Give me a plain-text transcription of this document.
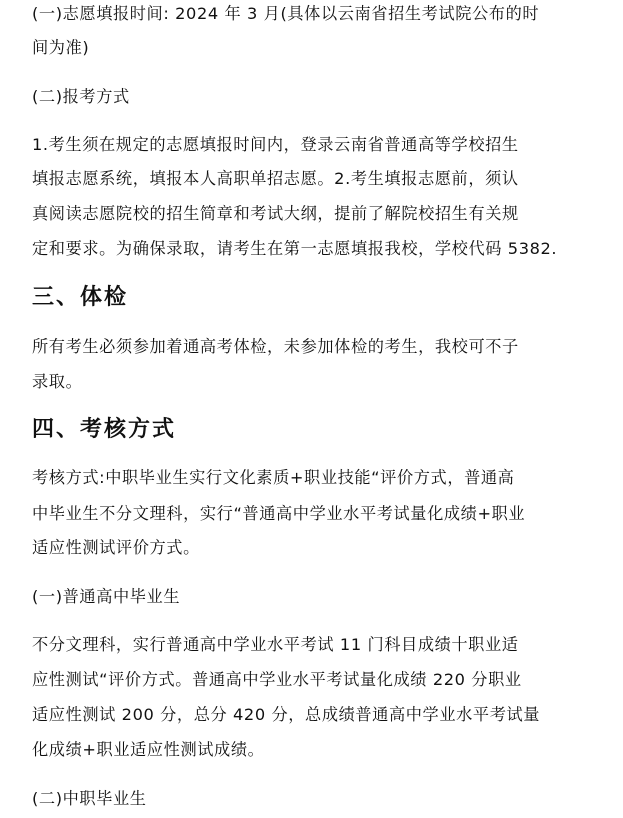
(一)志愿填报时间: 2024 年 3 月(具体以云南省招生考试院公布的时

间为准)

(二)报考方式

1.考生须在规定的志愿填报时间内，登录云南省普通高等学校招生

填报志愿系统，填报本人高职单招志愿。2.考生填报志愿前，须认

真阅读志愿院校的招生简章和考试大纲，提前了解院校招生有关规

定和要求。为确保录取，请考生在第一志愿填报我校，学校代码 5382.

三、体检

所有考生必须参加着通高考体检，未参加体检的考生，我校可不子

录取。

四、考核方式

考核方式:中职毕业生实行文化素质+职业技能“评价方式，普通高

中毕业生不分文理科，实行“普通高中学业水平考试量化成绩+职业

适应性测试评价方式。

(一)普通高中毕业生

不分文理科，实行普通高中学业水平考试 11 门科目成绩十职业适

应性测试“评价方式。普通高中学业水平考试量化成绩 220 分职业

适应性测试 200 分，总分 420 分，总成绩普通高中学业水平考试量

化成绩+职业适应性测试成绩。

(二)中职毕业生
